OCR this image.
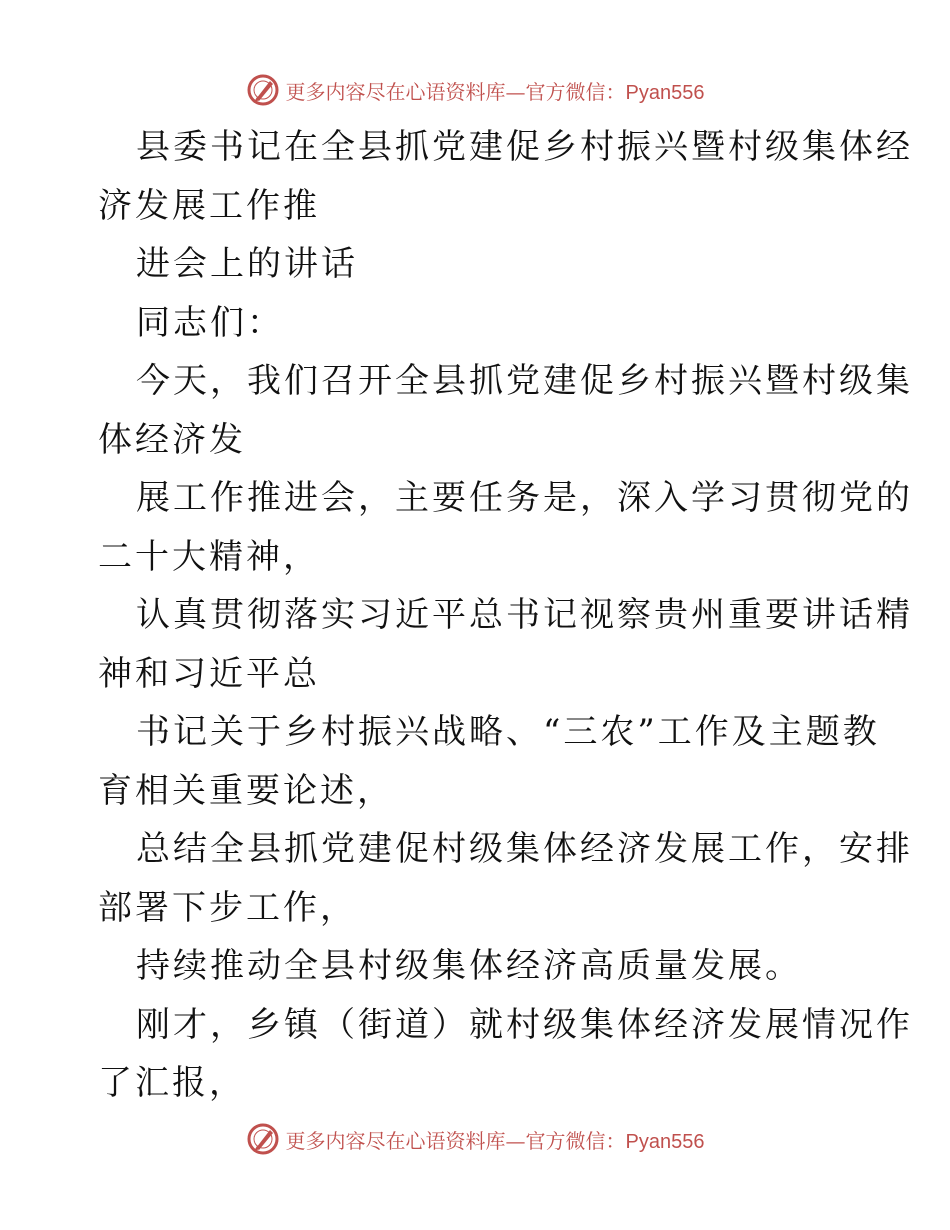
更多内容尽在心语资料库—官方微信：Pyan556

县委书记在全县抓党建促乡村振兴暨村级集体经

济发展工作推

进会上的讲话

同志们：

今天，我们召开全县抓党建促乡村振兴暨村级集

体经济发

展工作推进会，主要任务是，深入学习贯彻党的

二十大精神，

认真贯彻落实习近平总书记视察贵州重要讲话精

神和习近平总

书记关于乡村振兴战略、“三农”工作及主题教

育相关重要论述，

总结全县抓党建促村级集体经济发展工作，安排

部署下步工作，

持续推动全县村级集体经济高质量发展。

刚才，乡镇（街道）就村级集体经济发展情况作

了汇报，

更多内容尽在心语资料库—官方微信：Pyan556
